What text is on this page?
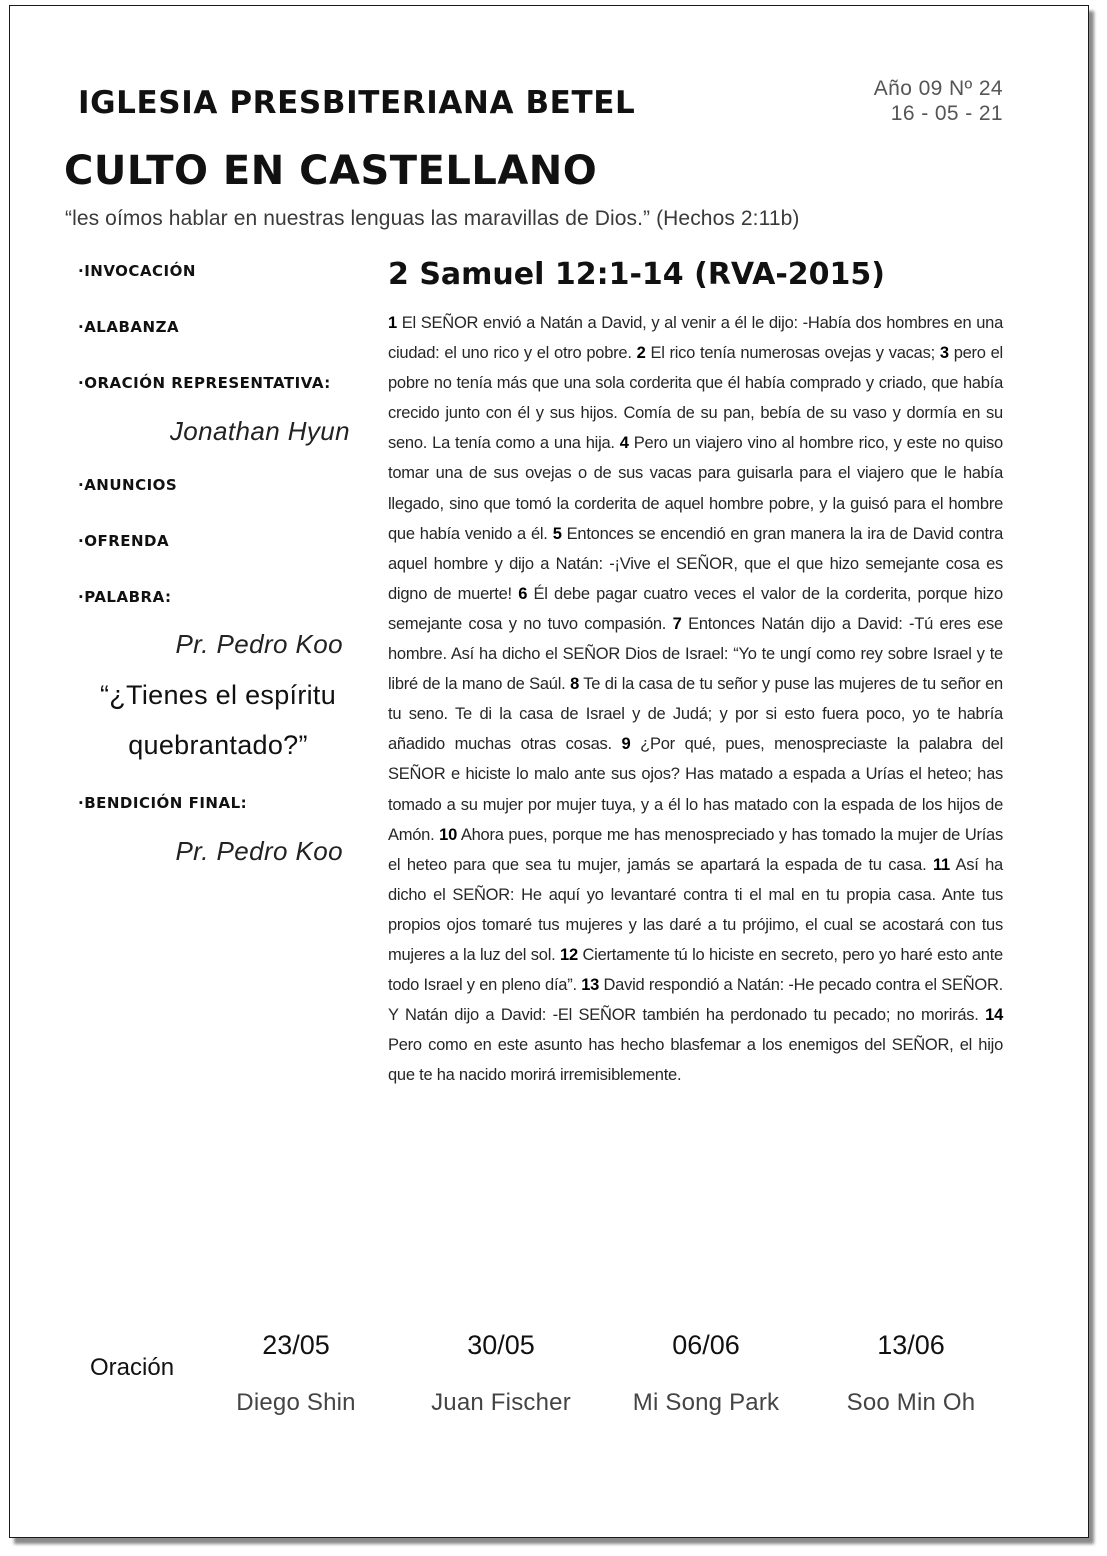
IGLESIA PRESBITERIANA BETEL	Año 09 Nº 24
16 - 05 - 21
CULTO EN CASTELLANO
“les oímos hablar en nuestras lenguas las maravillas de Dios.” (Hechos 2:11b)
·INVOCACIÓN
·ALABANZA
·ORACIÓN REPRESENTATIVA:
Jonathan Hyun
·ANUNCIOS
·OFRENDA
·PALABRA:
Pr. Pedro Koo
“¿Tienes el espíritu quebrantado?”
·BENDICIÓN FINAL:
Pr. Pedro Koo
2 Samuel 12:1-14 (RVA-2015)

1 El SEÑOR envió a Natán a David, y al venir a él le dijo: -Había dos hombres en una ciudad: el uno rico y el otro pobre. 2 El rico tenía numerosas ovejas y vacas; 3 pero el pobre no tenía más que una sola corderita que él había comprado y criado, que había crecido junto con él y sus hijos. Comía de su pan, bebía de su vaso y dormía en su seno. La tenía como a una hija. 4 Pero un viajero vino al hombre rico, y este no quiso tomar una de sus ovejas o de sus vacas para guisarla para el viajero que le había llegado, sino que tomó la corderita de aquel hombre pobre, y la guisó para el hombre que había venido a él. 5 Entonces se encendió en gran manera la ira de David contra aquel hombre y dijo a Natán: -¡Vive el SEÑOR, que el que hizo semejante cosa es digno de muerte! 6 Él debe pagar cuatro veces el valor de la corderita, porque hizo semejante cosa y no tuvo compasión. 7 Entonces Natán dijo a David: -Tú eres ese hombre. Así ha dicho el SEÑOR Dios de Israel: “Yo te ungí como rey sobre Israel y te libré de la mano de Saúl. 8 Te di la casa de tu señor y puse las mujeres de tu señor en tu seno. Te di la casa de Israel y de Judá; y por si esto fuera poco, yo te habría añadido muchas otras cosas. 9 ¿Por qué, pues, menospreciaste la palabra del SEÑOR e hiciste lo malo ante sus ojos? Has matado a espada a Urías el heteo; has tomado a su mujer por mujer tuya, y a él lo has matado con la espada de los hijos de Amón. 10 Ahora pues, porque me has menospreciado y has tomado la mujer de Urías el heteo para que sea tu mujer, jamás se apartará la espada de tu casa. 11 Así ha dicho el SEÑOR: He aquí yo levantaré contra ti el mal en tu propia casa. Ante tus propios ojos tomaré tus mujeres y las daré a tu prójimo, el cual se acostará con tus mujeres a la luz del sol. 12 Ciertamente tú lo hiciste en secreto, pero yo haré esto ante todo Israel y en pleno día”. 13 David respondió a Natán: -He pecado contra el SEÑOR. Y Natán dijo a David: -El SEÑOR también ha perdonado tu pecado; no morirás. 14 Pero como en este asunto has hecho blasfemar a los enemigos del SEÑOR, el hijo que te ha nacido morirá irremisiblemente.

Oración
23/05
Diego Shin
30/05
Juan Fischer
06/06
Mi Song Park
13/06
Soo Min Oh
